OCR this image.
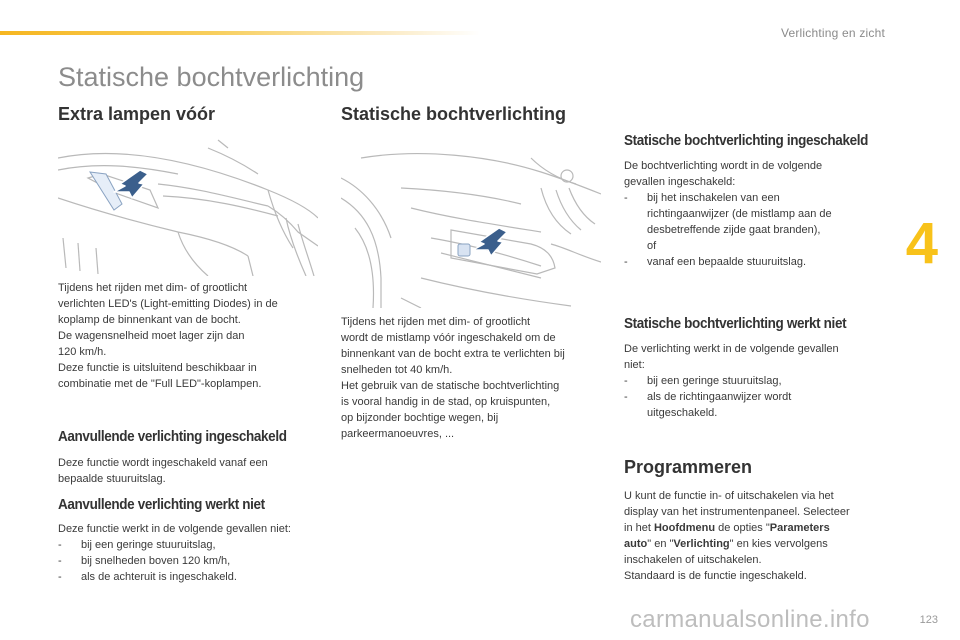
Verlichting en zicht
Statische bochtverlichting
4
Extra lampen vóór

Tijdens het rijden met dim- of grootlicht

verlichten LED's (Light-emitting Diodes) in de

koplamp de binnenkant van de bocht.

De wagensnelheid moet lager zijn dan

120 km/h.

Deze functie is uitsluitend beschikbaar in

combinatie met de "Full LED"-koplampen.

Aanvullende verlichting ingeschakeld

Deze functie wordt ingeschakeld vanaf een

bepaalde stuuruitslag.

Aanvullende verlichting werkt niet

Deze functie werkt in de volgende gevallen niet:

-	bij een geringe stuuruitslag,
-	bij snelheden boven 120 km/h,
-	als de achteruit is ingeschakeld.
Statische bochtverlichting

Tijdens het rijden met dim- of grootlicht

wordt de mistlamp vóór ingeschakeld om de

binnenkant van de bocht extra te verlichten bij

snelheden tot 40 km/h.

Het gebruik van de statische bochtverlichting

is vooral handig in de stad, op kruispunten,

op bijzonder bochtige wegen, bij

parkeermanoeuvres, ...

Statische bochtverlichting ingeschakeld

De bochtverlichting wordt in de volgende

gevallen ingeschakeld:

-	bij het inschakelen van een
richtingaanwijzer (de mistlamp aan de
desbetreffende zijde gaat branden),
of
-	vanaf een bepaalde stuuruitslag.
Statische bochtverlichting werkt niet

De verlichting werkt in de volgende gevallen

niet:

-	bij een geringe stuuruitslag,
-	als de richtingaanwijzer wordt
uitgeschakeld.
Programmeren

U kunt de functie in- of uitschakelen via het

display van het instrumentenpaneel. Selecteer

in het Hoofdmenu de opties "Parameters

auto" en "Verlichting" en kies vervolgens

inschakelen of uitschakelen.

Standaard is de functie ingeschakeld.

carmanualsonline.info	123
